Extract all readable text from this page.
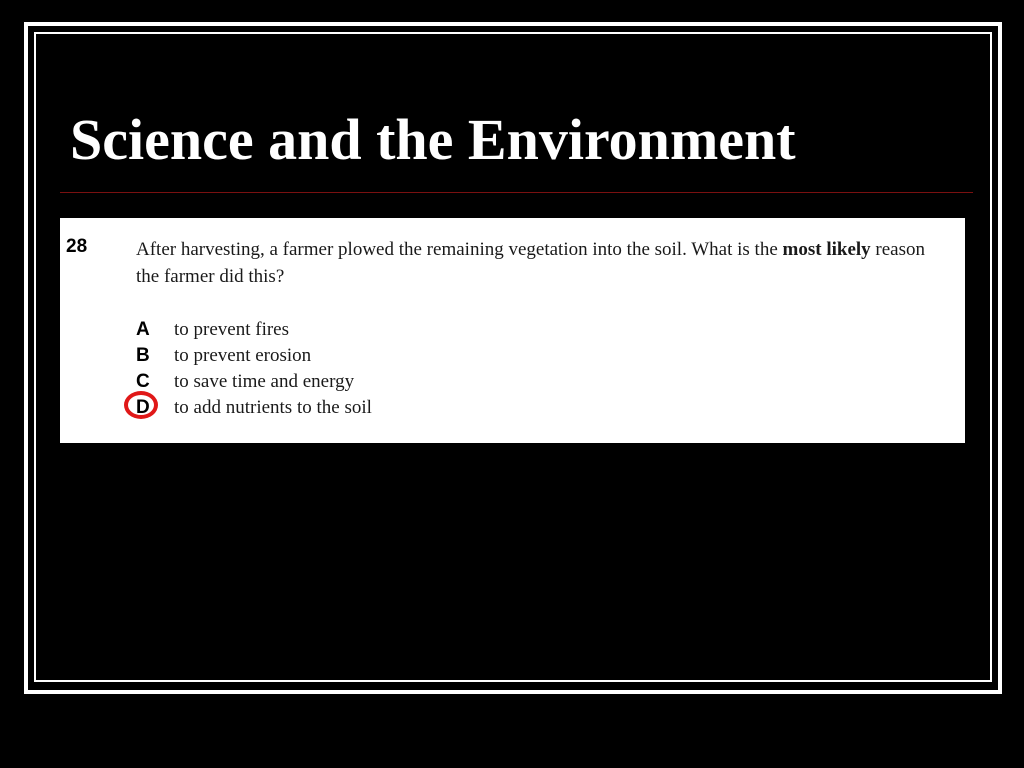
Science and the Environment
28	After harvesting, a farmer plowed the remaining vegetation into the soil. What is the most likely reason the farmer did this?
A	to prevent fires
B	to prevent erosion
C	to save time and energy
D	to add nutrients to the soil
